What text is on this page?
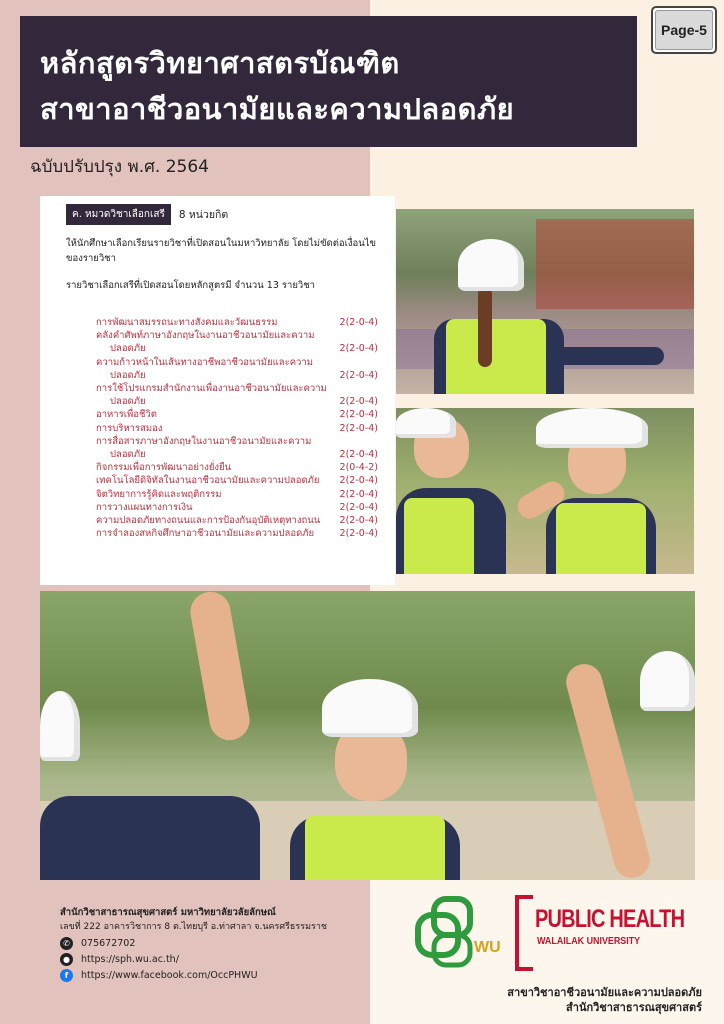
หลักสูตรวิทยาศาสตรบัณฑิต
สาขาอาชีวอนามัยและความปลอดภัย
Page-5
ฉบับปรับปรุง พ.ศ. 2564
ค. หมวดวิชาเลือกเสรี	8 หน่วยกิต
ให้นักศึกษาเลือกเรียนรายวิชาที่เปิดสอนในมหาวิทยาลัย โดยไม่ขัดต่อเงื่อนไขของรายวิชา
รายวิชาเลือกเสรีที่เปิดสอนโดยหลักสูตรมี จำนวน 13 รายวิชา
การพัฒนาสมรรถนะทางสังคมและวัฒนธรรม	2(2-0-4)
คลังคำศัพท์ภาษาอังกฤษในงานอาชีวอนามัยและความ
ปลอดภัย	2(2-0-4)
ความก้าวหน้าในเส้นทางอาชีพอาชีวอนามัยและความ
ปลอดภัย	2(2-0-4)
การใช้โปรแกรมสำนักงานเพื่องานอาชีวอนามัยและความ
ปลอดภัย	2(2-0-4)
อาหารเพื่อชีวิต	2(2-0-4)
การบริหารสมอง	2(2-0-4)
การสื่อสารภาษาอังกฤษในงานอาชีวอนามัยและความ
ปลอดภัย	2(2-0-4)
กิจกรรมเพื่อการพัฒนาอย่างยั่งยืน	2(0-4-2)
เทคโนโลยีดิจิทัลในงานอาชีวอนามัยและความปลอดภัย	2(2-0-4)
จิตวิทยาการรู้คิดและพฤติกรรม	2(2-0-4)
การวางแผนทางการเงิน	2(2-0-4)
ความปลอดภัยทางถนนและการป้องกันอุบัติเหตุทางถนน	2(2-0-4)
การจำลองสหกิจศึกษาอาชีวอนามัยและความปลอดภัย	2(2-0-4)
สำนักวิชาสาธารณสุขศาสตร์ มหาวิทยาลัยวลัยลักษณ์
เลขที่ 222 อาคารวิชาการ 8 ต.ไทยบุรี อ.ท่าศาลา จ.นครศรีธรรมราช
✆	075672702
●	https://sph.wu.ac.th/
f	https://www.facebook.com/OccPHWU
WU
PUBLIC HEALTH
WALAILAK UNIVERSITY
สาขาวิชาอาชีวอนามัยและความปลอดภัย
สำนักวิชาสาธารณสุขศาสตร์
